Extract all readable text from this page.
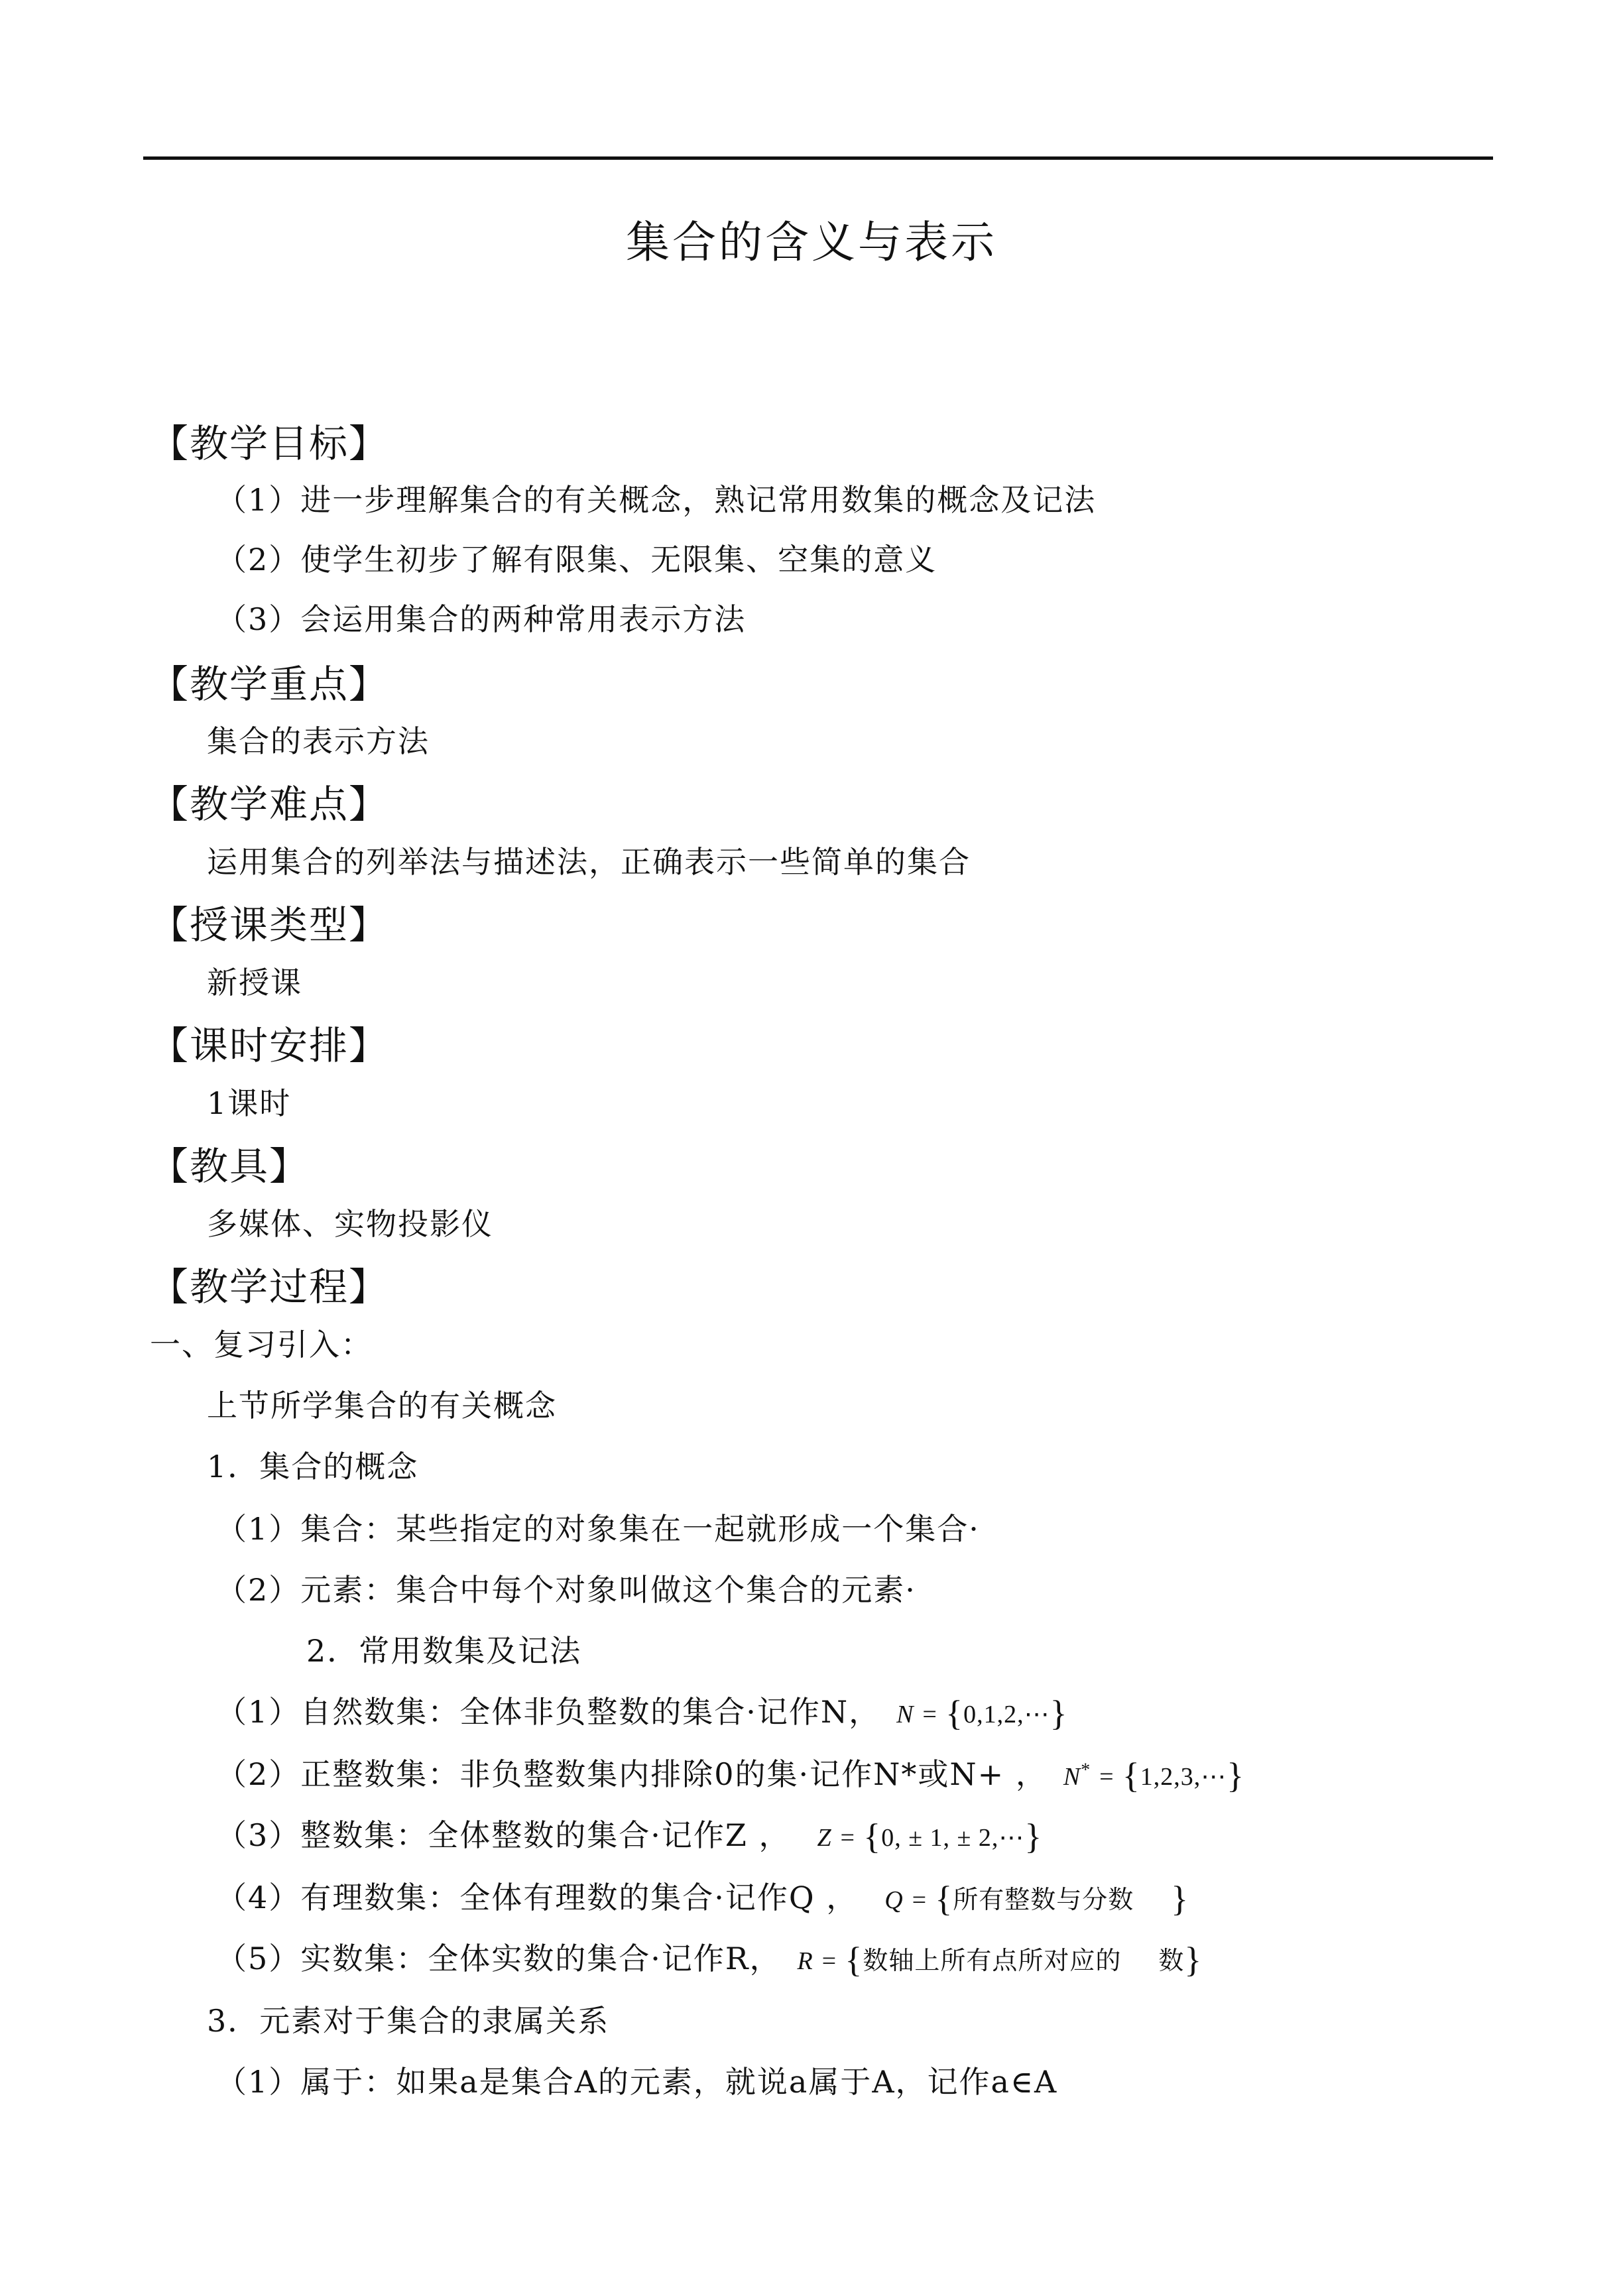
集合的含义与表示
【教学目标】
（1）进一步理解集合的有关概念，熟记常用数集的概念及记法
（2）使学生初步了解有限集、无限集、空集的意义
（3）会运用集合的两种常用表示方法
【教学重点】
集合的表示方法
【教学难点】
运用集合的列举法与描述法，正确表示一些简单的集合
【授课类型】
新授课
【课时安排】
1课时
【教具】
多媒体、实物投影仪
【教学过程】
一、复习引入：
上节所学集合的有关概念
1．集合的概念
（1）集合：某些指定的对象集在一起就形成一个集合·
（2）元素：集合中每个对象叫做这个集合的元素·
2．常用数集及记法
（1）自然数集：全体非负整数的集合·记作N， N = {0,1,2,⋯}
（2）正整数集：非负整数集内排除0的集·记作N*或N+ ， N* = {1,2,3,⋯}
（3）整数集：全体整数的集合·记作Z ， Z = {0, ± 1, ± 2,⋯}
（4）有理数集：全体有理数的集合·记作Q ， Q = {所有整数与分数 }
（5）实数集：全体实数的集合·记作R， R = {数轴上所有点所对应的 数}
3．元素对于集合的隶属关系
（1）属于：如果a是集合A的元素，就说a属于A，记作a∈A
